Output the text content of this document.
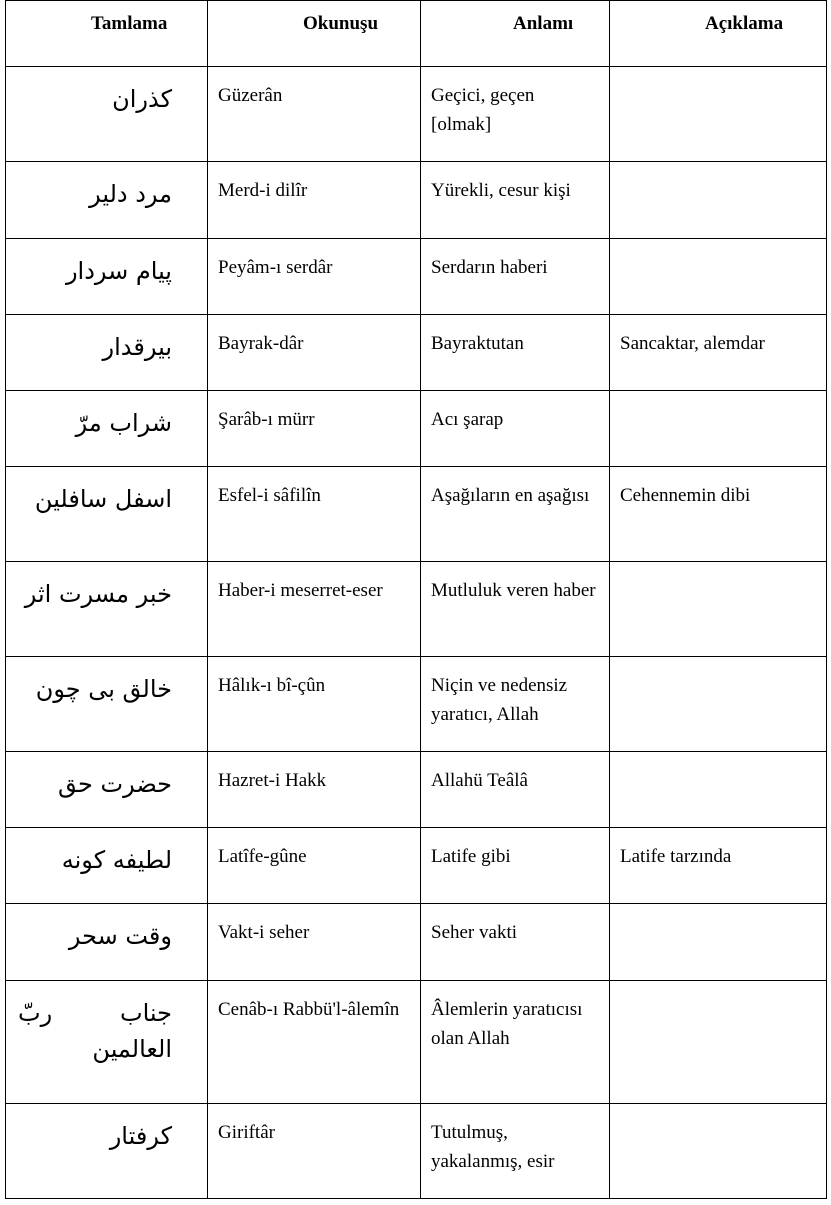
Tamlama	Okunuşu	Anlamı	Açıklama
كذران	Güzerân	Geçici, geçen [olmak]	
مرد دلير	Merd-i dilîr	Yürekli, cesur kişi	
پيام سردار	Peyâm-ı serdâr	Serdarın haberi	
بيرقدار	Bayrak-dâr	Bayraktutan	Sancaktar, alemdar
شراب مرّ	Şarâb-ı mürr	Acı şarap	
اسفل سافلين	Esfel-i sâfilîn	Aşağıların en aşağısı	Cehennemin dibi
خبر مسرت اثر	Haber-i meserret-eser	Mutluluk veren haber	
خالق بى چون	Hâlık-ı bî-çûn	Niçin ve nedensiz yaratıcı, Allah	
حضرت حق	Hazret-i Hakk	Allahü Teâlâ	
لطيفه كونه	Latîfe-gûne	Latife gibi	Latife tarzında
وقت سحر	Vakt-i seher	Seher vakti	
جناب ربّ العالمين	Cenâb-ı Rabbü'l-âlemîn	Âlemlerin yaratıcısı olan Allah	
كرفتار	Giriftâr	Tutulmuş, yakalanmış, esir	
